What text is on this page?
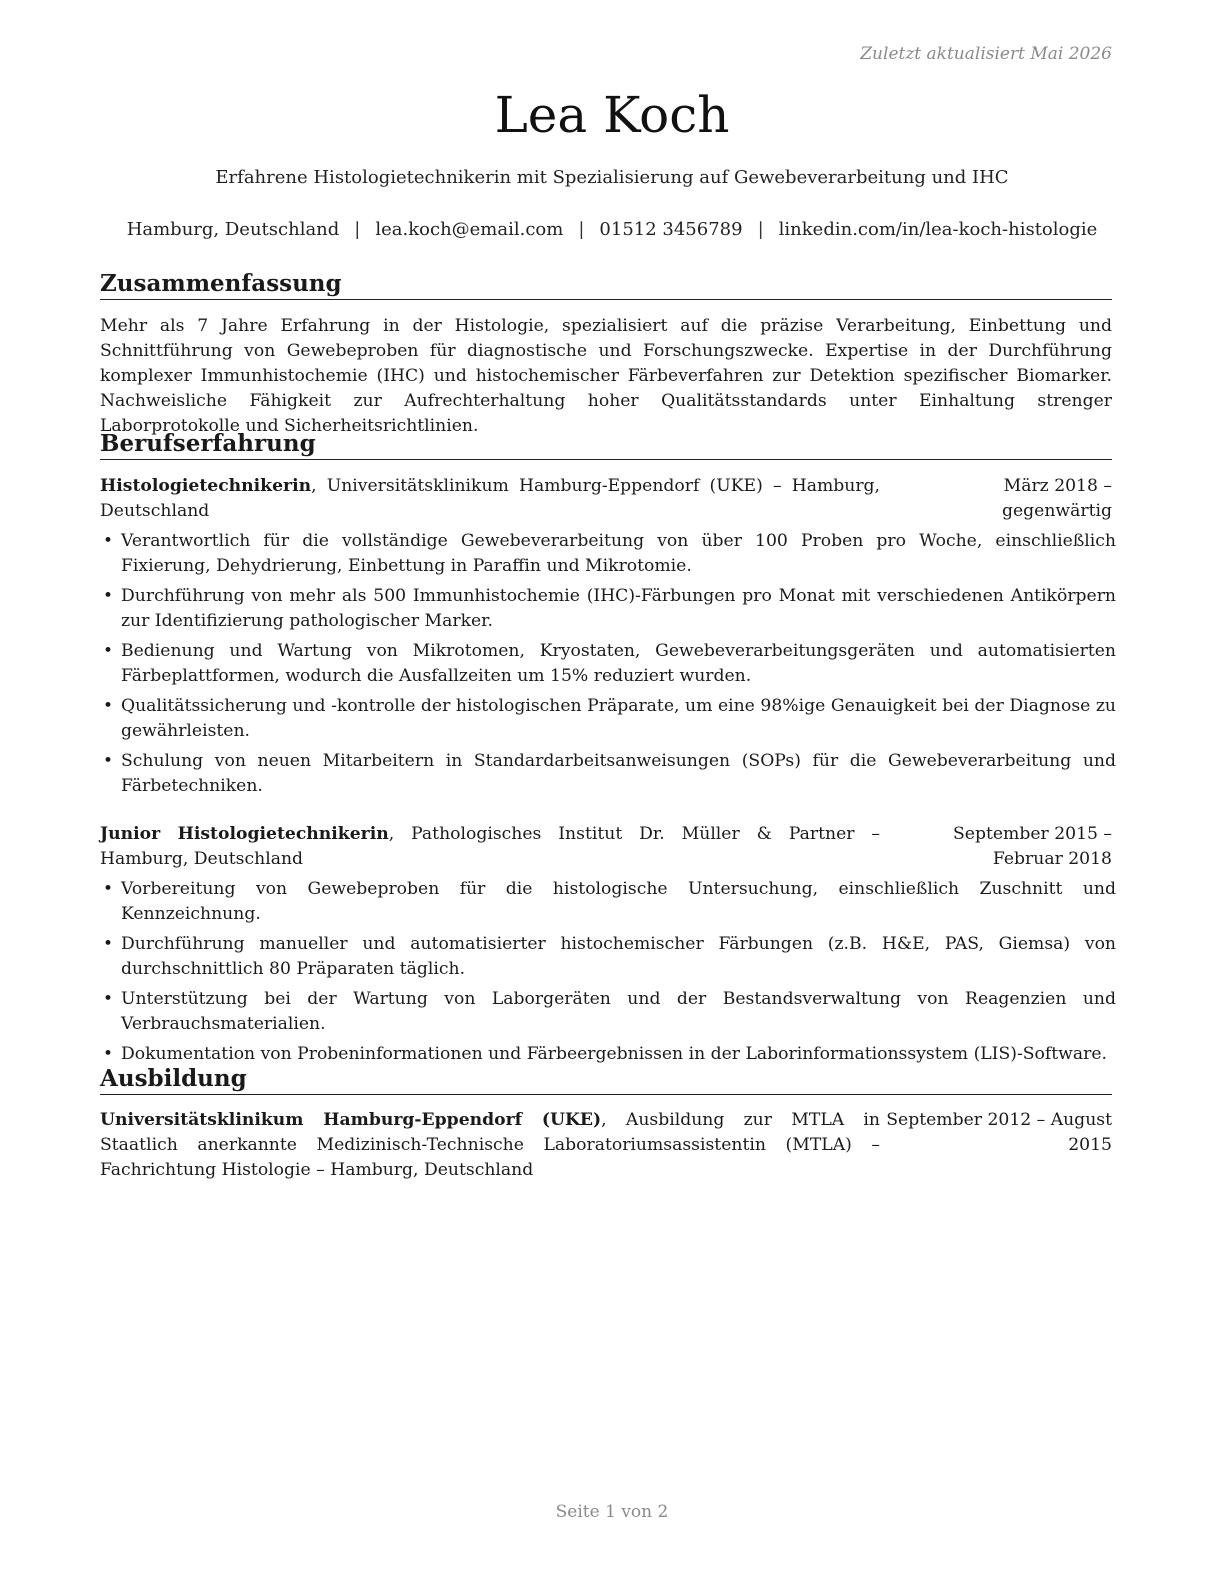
Zuletzt aktualisiert Mai 2026
Lea Koch
Erfahrene Histologietechnikerin mit Spezialisierung auf Gewebeverarbeitung und IHC
Hamburg, Deutschland | lea.koch@email.com | 01512 3456789 | linkedin.com/in/lea-koch-histologie
Zusammenfassung

Mehr als 7 Jahre Erfahrung in der Histologie, spezialisiert auf die präzise Verarbeitung, Einbettung und Schnittführung von Gewebeproben für diagnostische und Forschungszwecke. Expertise in der Durchführung komplexer Immunhistochemie (IHC) und histochemischer Färbeverfahren zur Detektion spezifischer Biomarker. Nachweisliche Fähigkeit zur Aufrechterhaltung hoher Qualitätsstandards unter Einhaltung strenger Laborprotokolle und Sicherheitsrichtlinien.

Berufserfahrung
Histologietechnikerin, Universitätsklinikum Hamburg-Eppendorf (UKE) – Hamburg, Deutschland
März 2018 – gegenwärtig
• Verantwortlich für die vollständige Gewebeverarbeitung von über 100 Proben pro Woche, einschließlich Fixierung, Dehydrierung, Einbettung in Paraffin und Mikrotomie.
• Durchführung von mehr als 500 Immunhistochemie (IHC)-Färbungen pro Monat mit verschiedenen Antikörpern zur Identifizierung pathologischer Marker.
• Bedienung und Wartung von Mikrotomen, Kryostaten, Gewebeverarbeitungsgeräten und automatisierten Färbeplattformen, wodurch die Ausfallzeiten um 15% reduziert wurden.
• Qualitätssicherung und -kontrolle der histologischen Präparate, um eine 98%ige Genauigkeit bei der Diagnose zu gewährleisten.
• Schulung von neuen Mitarbeitern in Standardarbeitsanweisungen (SOPs) für die Gewebeverarbeitung und Färbetechniken.
Junior Histologietechnikerin, Pathologisches Institut Dr. Müller & Partner – Hamburg, Deutschland
September 2015 – Februar 2018
• Vorbereitung von Gewebeproben für die histologische Untersuchung, einschließlich Zuschnitt und Kennzeichnung.
• Durchführung manueller und automatisierter histochemischer Färbungen (z.B. H&E, PAS, Giemsa) von durchschnittlich 80 Präparaten täglich.
• Unterstützung bei der Wartung von Laborgeräten und der Bestandsverwaltung von Reagenzien und Verbrauchsmaterialien.
• Dokumentation von Probeninformationen und Färbeergebnissen in der Laborinformationssystem (LIS)-Software.
Ausbildung
Universitätsklinikum Hamburg-Eppendorf (UKE), Ausbildung zur MTLA in Staatlich anerkannte Medizinisch-Technische Laboratoriumsassistentin (MTLA) – Fachrichtung Histologie – Hamburg, Deutschland
September 2012 – August 2015
Seite 1 von 2
